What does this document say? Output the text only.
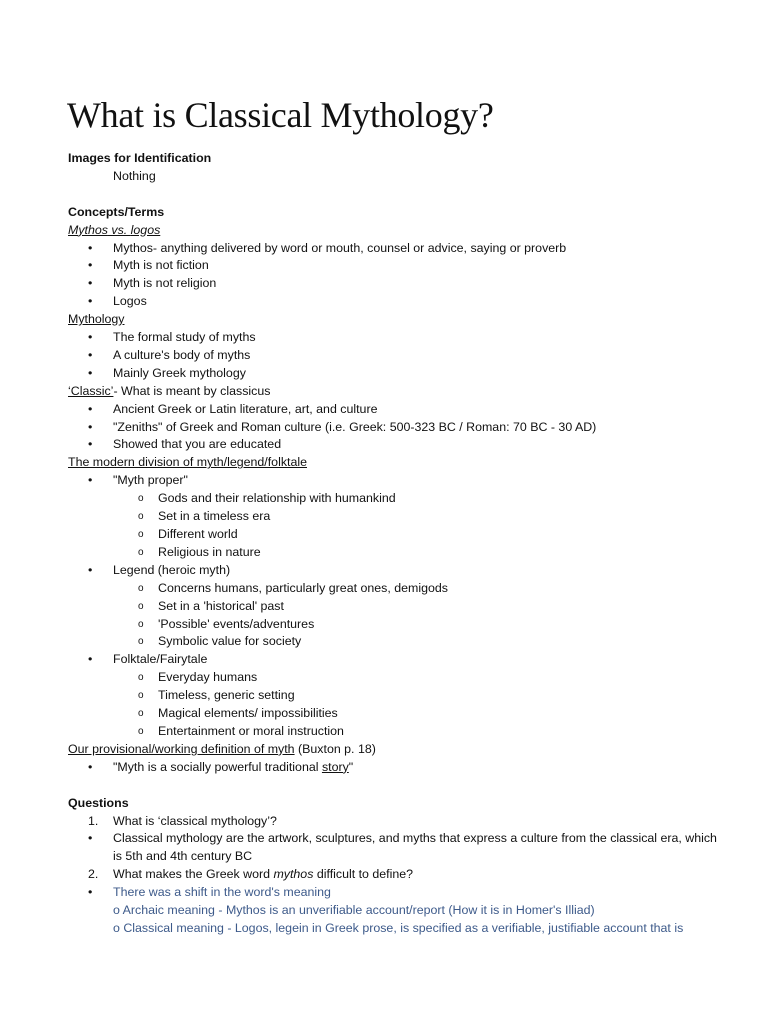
What is Classical Mythology?
Images for Identification
Nothing
Concepts/Terms
Mythos vs. logos
• Mythos- anything delivered by word or mouth, counsel or advice, saying or proverb
• Myth is not fiction
• Myth is not religion
• Logos
Mythology
• The formal study of myths
• A culture's body of myths
• Mainly Greek mythology
‘Classic’- What is meant by classicus
• Ancient Greek or Latin literature, art, and culture
• "Zeniths" of Greek and Roman culture (i.e. Greek: 500-323 BC / Roman: 70 BC - 30 AD)
• Showed that you are educated
The modern division of myth/legend/folktale
• "Myth proper"
o Gods and their relationship with humankind
o Set in a timeless era
o Different world
o Religious in nature
• Legend (heroic myth)
o Concerns humans, particularly great ones, demigods
o Set in a 'historical' past
o 'Possible' events/adventures
o Symbolic value for society
• Folktale/Fairytale
o Everyday humans
o Timeless, generic setting
o Magical elements/ impossibilities
o Entertainment or moral instruction
Our provisional/working definition of myth (Buxton p. 18)
• "Myth is a socially powerful traditional story"
Questions
1. What is ‘classical mythology’?
• Classical mythology are the artwork, sculptures, and myths that express a culture from the classical era, which is 5th and 4th century BC
2. What makes the Greek word mythos difficult to define?
• There was a shift in the word's meaning
o Archaic meaning - Mythos is an unverifiable account/report (How it is in Homer's Illiad)
o Classical meaning - Logos, legein in Greek prose, is specified as a verifiable, justifiable account that is
